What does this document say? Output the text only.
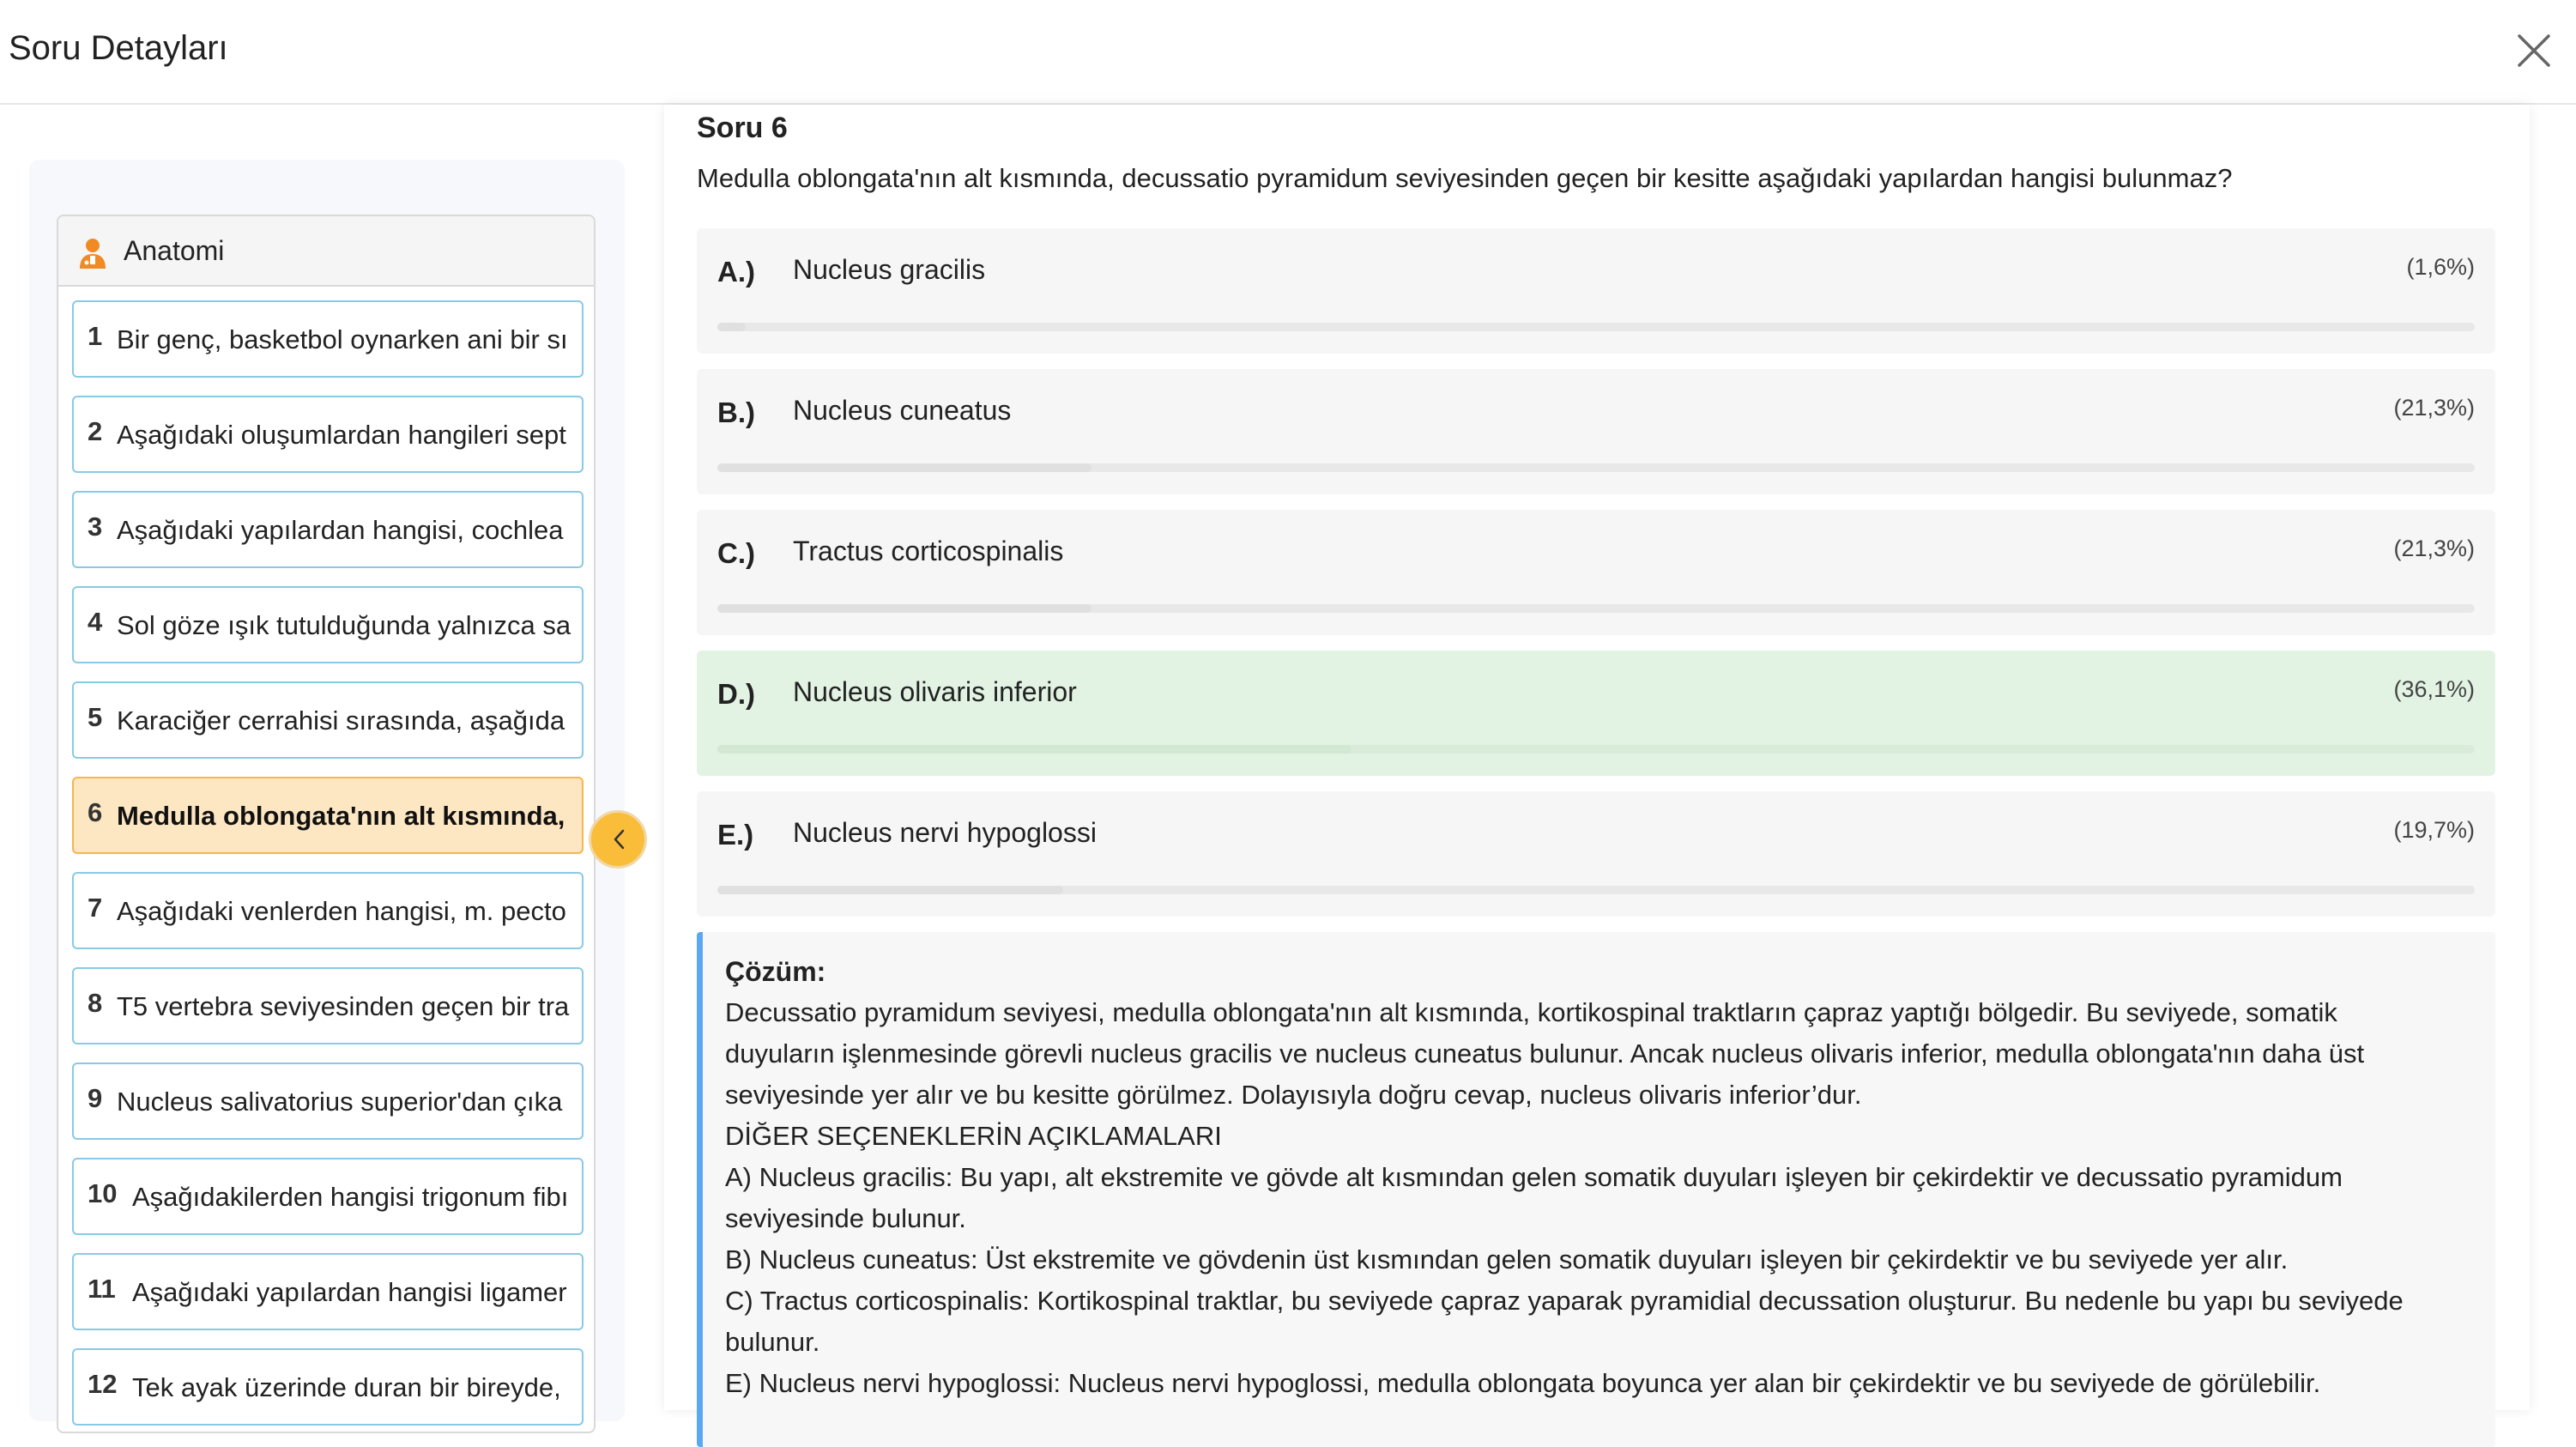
Soru Detayları
Anatomi
1 Bir genç, basketbol oynarken ani bir sı
2 Aşağıdaki oluşumlardan hangileri sept
3 Aşağıdaki yapılardan hangisi, cochlea
4 Sol göze ışık tutulduğunda yalnızca sa
5 Karaciğer cerrahisi sırasında, aşağıda
6 Medulla oblongata'nın alt kısmında,
7 Aşağıdaki venlerden hangisi, m. pecto
8 T5 vertebra seviyesinden geçen bir tra
9 Nucleus salivatorius superior'dan çıka
10 Aşağıdakilerden hangisi trigonum fibı
11 Aşağıdaki yapılardan hangisi ligamer
12 Tek ayak üzerinde duran bir bireyde,
Soru 6
Medulla oblongata'nın alt kısmında, decussatio pyramidum seviyesinden geçen bir kesitte aşağıdaki yapılardan hangisi bulunmaz?
A.) Nucleus gracilis	(1,6%)
B.) Nucleus cuneatus	(21,3%)
C.) Tractus corticospinalis	(21,3%)
D.) Nucleus olivaris inferior	(36,1%)
E.) Nucleus nervi hypoglossi	(19,7%)
Çözüm:
Decussatio pyramidum seviyesi, medulla oblongata'nın alt kısmında, kortikospinal traktların çapraz yaptığı bölgedir. Bu seviyede, somatik
duyuların işlenmesinde görevli nucleus gracilis ve nucleus cuneatus bulunur. Ancak nucleus olivaris inferior, medulla oblongata'nın daha üst
seviyesinde yer alır ve bu kesitte görülmez. Dolayısıyla doğru cevap, nucleus olivaris inferior’dur.
DİĞER SEÇENEKLERİN AÇIKLAMALARI
A) Nucleus gracilis: Bu yapı, alt ekstremite ve gövde alt kısmından gelen somatik duyuları işleyen bir çekirdektir ve decussatio pyramidum
seviyesinde bulunur.
B) Nucleus cuneatus: Üst ekstremite ve gövdenin üst kısmından gelen somatik duyuları işleyen bir çekirdektir ve bu seviyede yer alır.
C) Tractus corticospinalis: Kortikospinal traktlar, bu seviyede çapraz yaparak pyramidial decussation oluşturur. Bu nedenle bu yapı bu seviyede
bulunur.
E) Nucleus nervi hypoglossi: Nucleus nervi hypoglossi, medulla oblongata boyunca yer alan bir çekirdektir ve bu seviyede de görülebilir.
